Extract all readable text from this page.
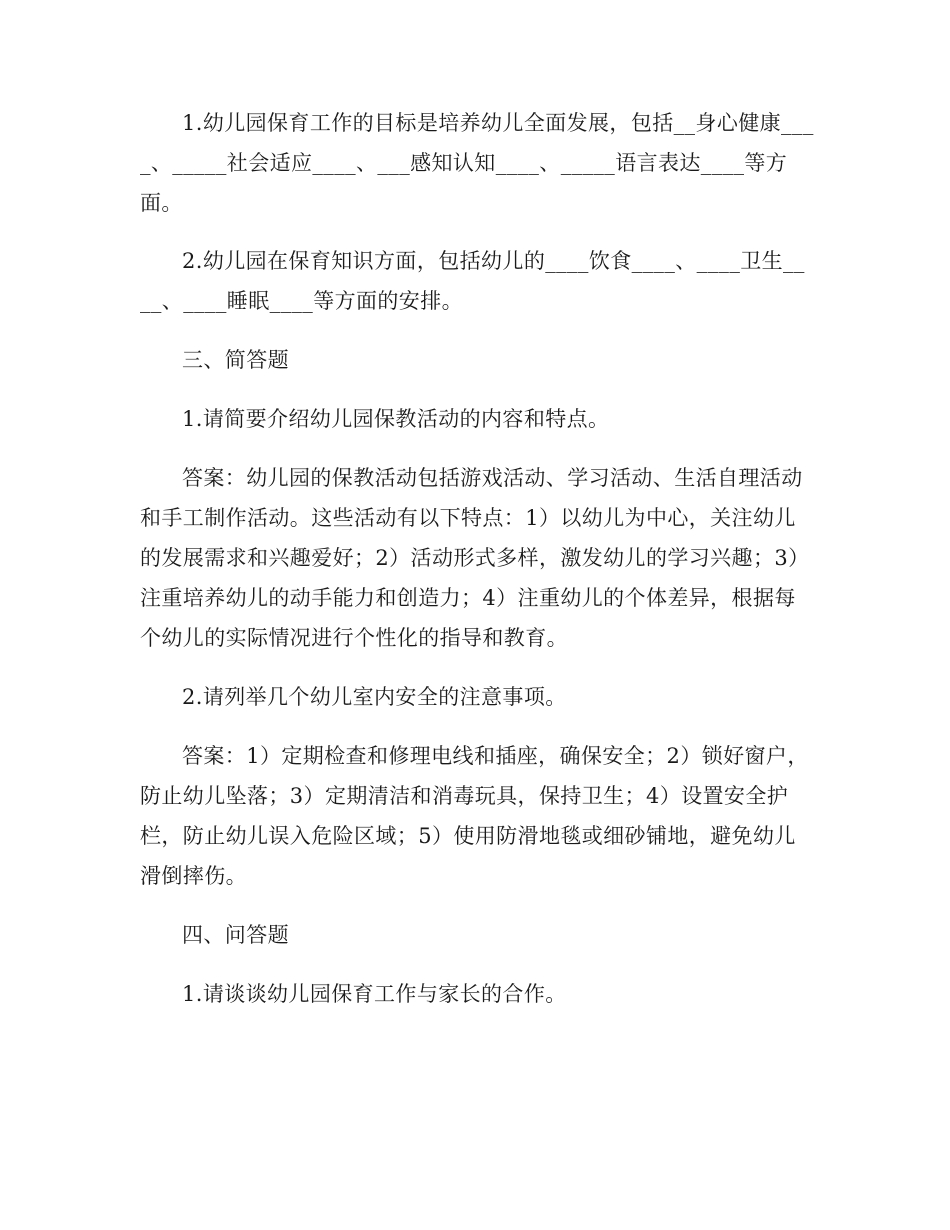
1.幼儿园保育工作的目标是培养幼儿全面发展，包括__身心健康____、_____社会适应____、___感知认知____、_____语言表达____等方面。

2.幼儿园在保育知识方面，包括幼儿的____饮食____、____卫生____、____睡眠____等方面的安排。

三、简答题

1.请简要介绍幼儿园保教活动的内容和特点。

答案：幼儿园的保教活动包括游戏活动、学习活动、生活自理活动和手工制作活动。这些活动有以下特点：1）以幼儿为中心，关注幼儿的发展需求和兴趣爱好；2）活动形式多样，激发幼儿的学习兴趣；3）注重培养幼儿的动手能力和创造力；4）注重幼儿的个体差异，根据每个幼儿的实际情况进行个性化的指导和教育。

2.请列举几个幼儿室内安全的注意事项。

答案：1）定期检查和修理电线和插座，确保安全；2）锁好窗户，防止幼儿坠落；3）定期清洁和消毒玩具，保持卫生；4）设置安全护栏，防止幼儿误入危险区域；5）使用防滑地毯或细砂铺地，避免幼儿滑倒摔伤。

四、问答题

1.请谈谈幼儿园保育工作与家长的合作。
